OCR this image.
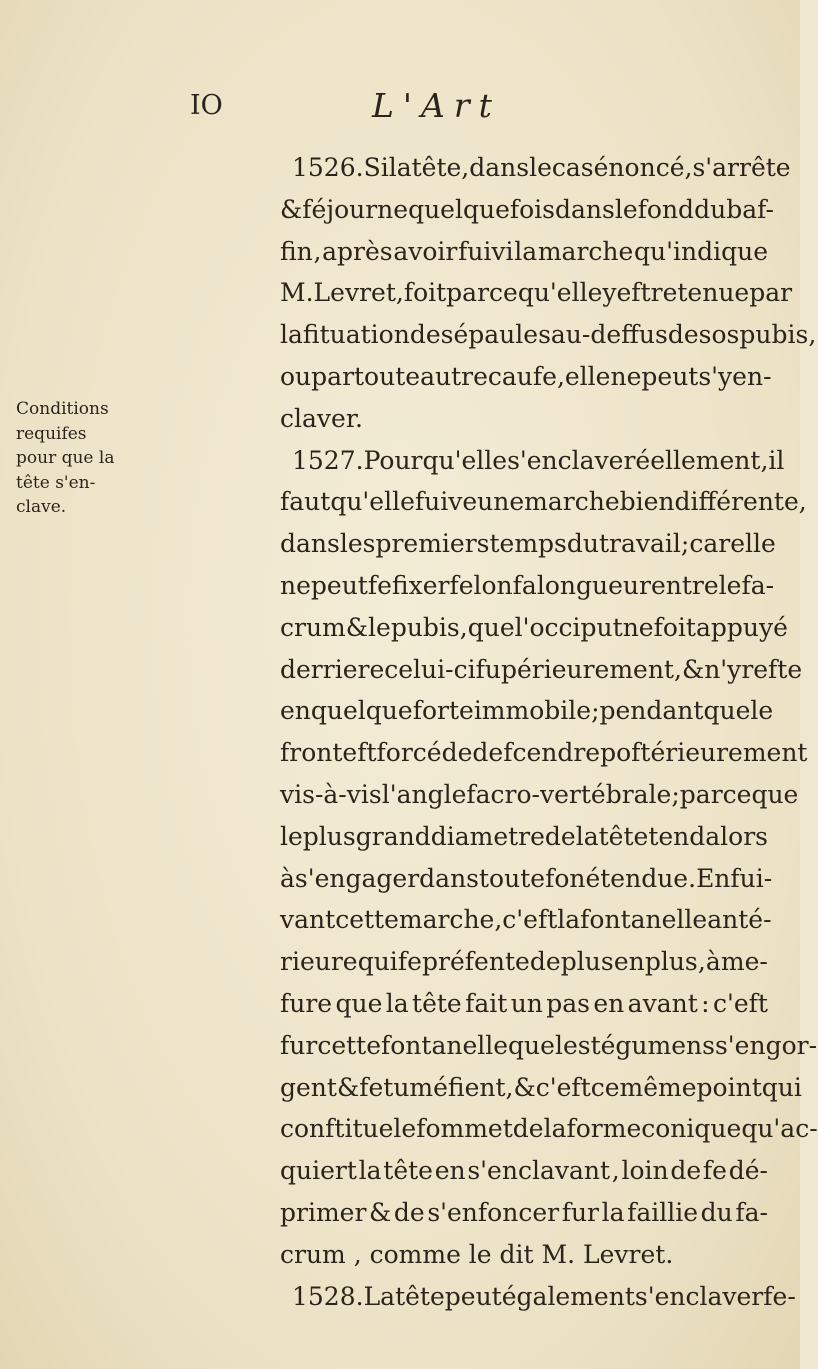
IO	L'Art
Conditions
requifes
pour que la
tête s'en-
clave.
1526. Si la tête, dans le cas énoncé, s'arrête
& féjourne quelquefois dans le fond du baf-
fin , après avoir fuivi la marche qu'indique
M. Levret , foit parce qu'elle y eft retenue par
la fituation des épaules au-deffus des os pubis ,
ou par toute autre caufe , elle ne peut s'y en-
claver.
1527. Pour qu'elle s'enclave réellement , il
faut qu'elle fuive une marche bien différente ,
dans les premiers temps du travail ; car elle
ne peut fe fixer felon fa longueur entre le fa-
crum & le pubis , que l'occiput ne foit appuyé
derriere celui-ci fupérieurement , & n'y refte
en quelque forte immobile ; pendant que le
front eft forcé de defcendre poftérieurement
vis-à-vis l'angle facro-vertébrale ; parce que
le plus grand diametre de la tête tend alors
à s'engager dans toute fon étendue. En fui-
vant cette marche , c'eft la fontanelle anté-
rieure qui fe préfente de plus en plus , à me-
fure que la tête fait un pas en avant : c'eft
fur cette fontanelle que les tégumens s'engor-
gent & fe tuméfient , & c'eft ce même point qui
conftitue le fommet de la forme conique qu'ac-
quiert la tête en s'enclavant , loin de fe dé-
primer & de s'enfoncer fur la faillie du fa-
crum , comme le dit M. Levret.
1528. La tête peut également s'enclaver fe-
